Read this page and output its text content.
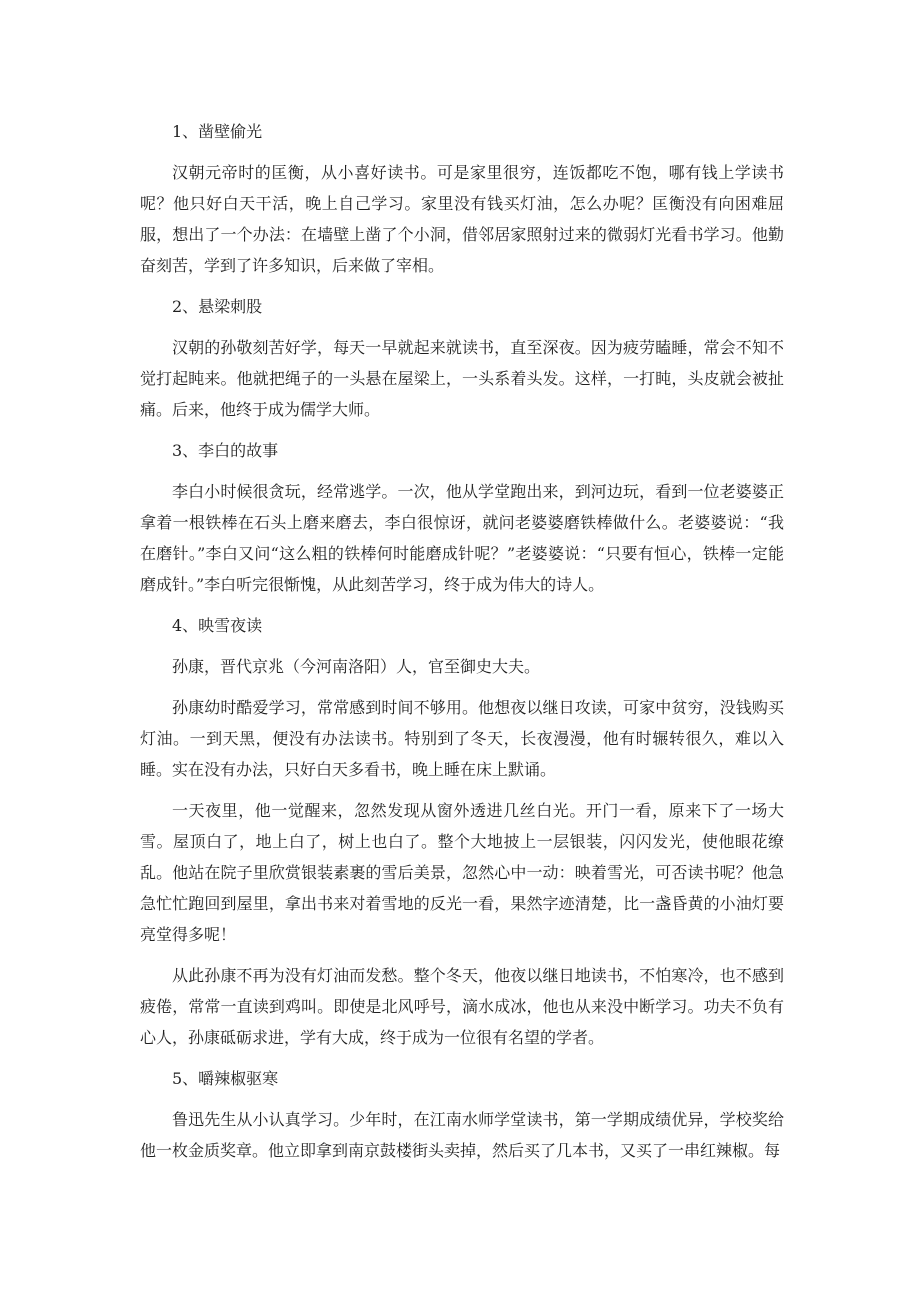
1、凿壁偷光

汉朝元帝时的匡衡，从小喜好读书。可是家里很穷，连饭都吃不饱，哪有钱上学读书呢？他只好白天干活，晚上自己学习。家里没有钱买灯油，怎么办呢？匡衡没有向困难屈服，想出了一个办法：在墙壁上凿了个小洞，借邻居家照射过来的微弱灯光看书学习。他勤奋刻苦，学到了许多知识，后来做了宰相。

2、悬梁刺股

汉朝的孙敬刻苦好学，每天一早就起来就读书，直至深夜。因为疲劳瞌睡，常会不知不觉打起盹来。他就把绳子的一头悬在屋梁上，一头系着头发。这样，一打盹，头皮就会被扯痛。后来，他终于成为儒学大师。

3、李白的故事

李白小时候很贪玩，经常逃学。一次，他从学堂跑出来，到河边玩，看到一位老婆婆正拿着一根铁棒在石头上磨来磨去，李白很惊讶，就问老婆婆磨铁棒做什么。老婆婆说：“我在磨针。”李白又问“这么粗的铁棒何时能磨成针呢？”老婆婆说：“只要有恒心，铁棒一定能磨成针。”李白听完很惭愧，从此刻苦学习，终于成为伟大的诗人。

4、映雪夜读

孙康，晋代京兆（今河南洛阳）人，官至御史大夫。

孙康幼时酷爱学习，常常感到时间不够用。他想夜以继日攻读，可家中贫穷，没钱购买灯油。一到天黑，便没有办法读书。特别到了冬天，长夜漫漫，他有时辗转很久，难以入睡。实在没有办法，只好白天多看书，晚上睡在床上默诵。

一天夜里，他一觉醒来，忽然发现从窗外透进几丝白光。开门一看，原来下了一场大雪。屋顶白了，地上白了，树上也白了。整个大地披上一层银装，闪闪发光，使他眼花缭乱。他站在院子里欣赏银装素裹的雪后美景，忽然心中一动：映着雪光，可否读书呢？他急急忙忙跑回到屋里，拿出书来对着雪地的反光一看，果然字迹清楚，比一盏昏黄的小油灯要亮堂得多呢！

从此孙康不再为没有灯油而发愁。整个冬天，他夜以继日地读书，不怕寒冷，也不感到疲倦，常常一直读到鸡叫。即使是北风呼号，滴水成冰，他也从来没中断学习。功夫不负有心人，孙康砥砺求进，学有大成，终于成为一位很有名望的学者。

5、嚼辣椒驱寒

鲁迅先生从小认真学习。少年时，在江南水师学堂读书，第一学期成绩优异，学校奖给他一枚金质奖章。他立即拿到南京鼓楼街头卖掉，然后买了几本书，又买了一串红辣椒。每
